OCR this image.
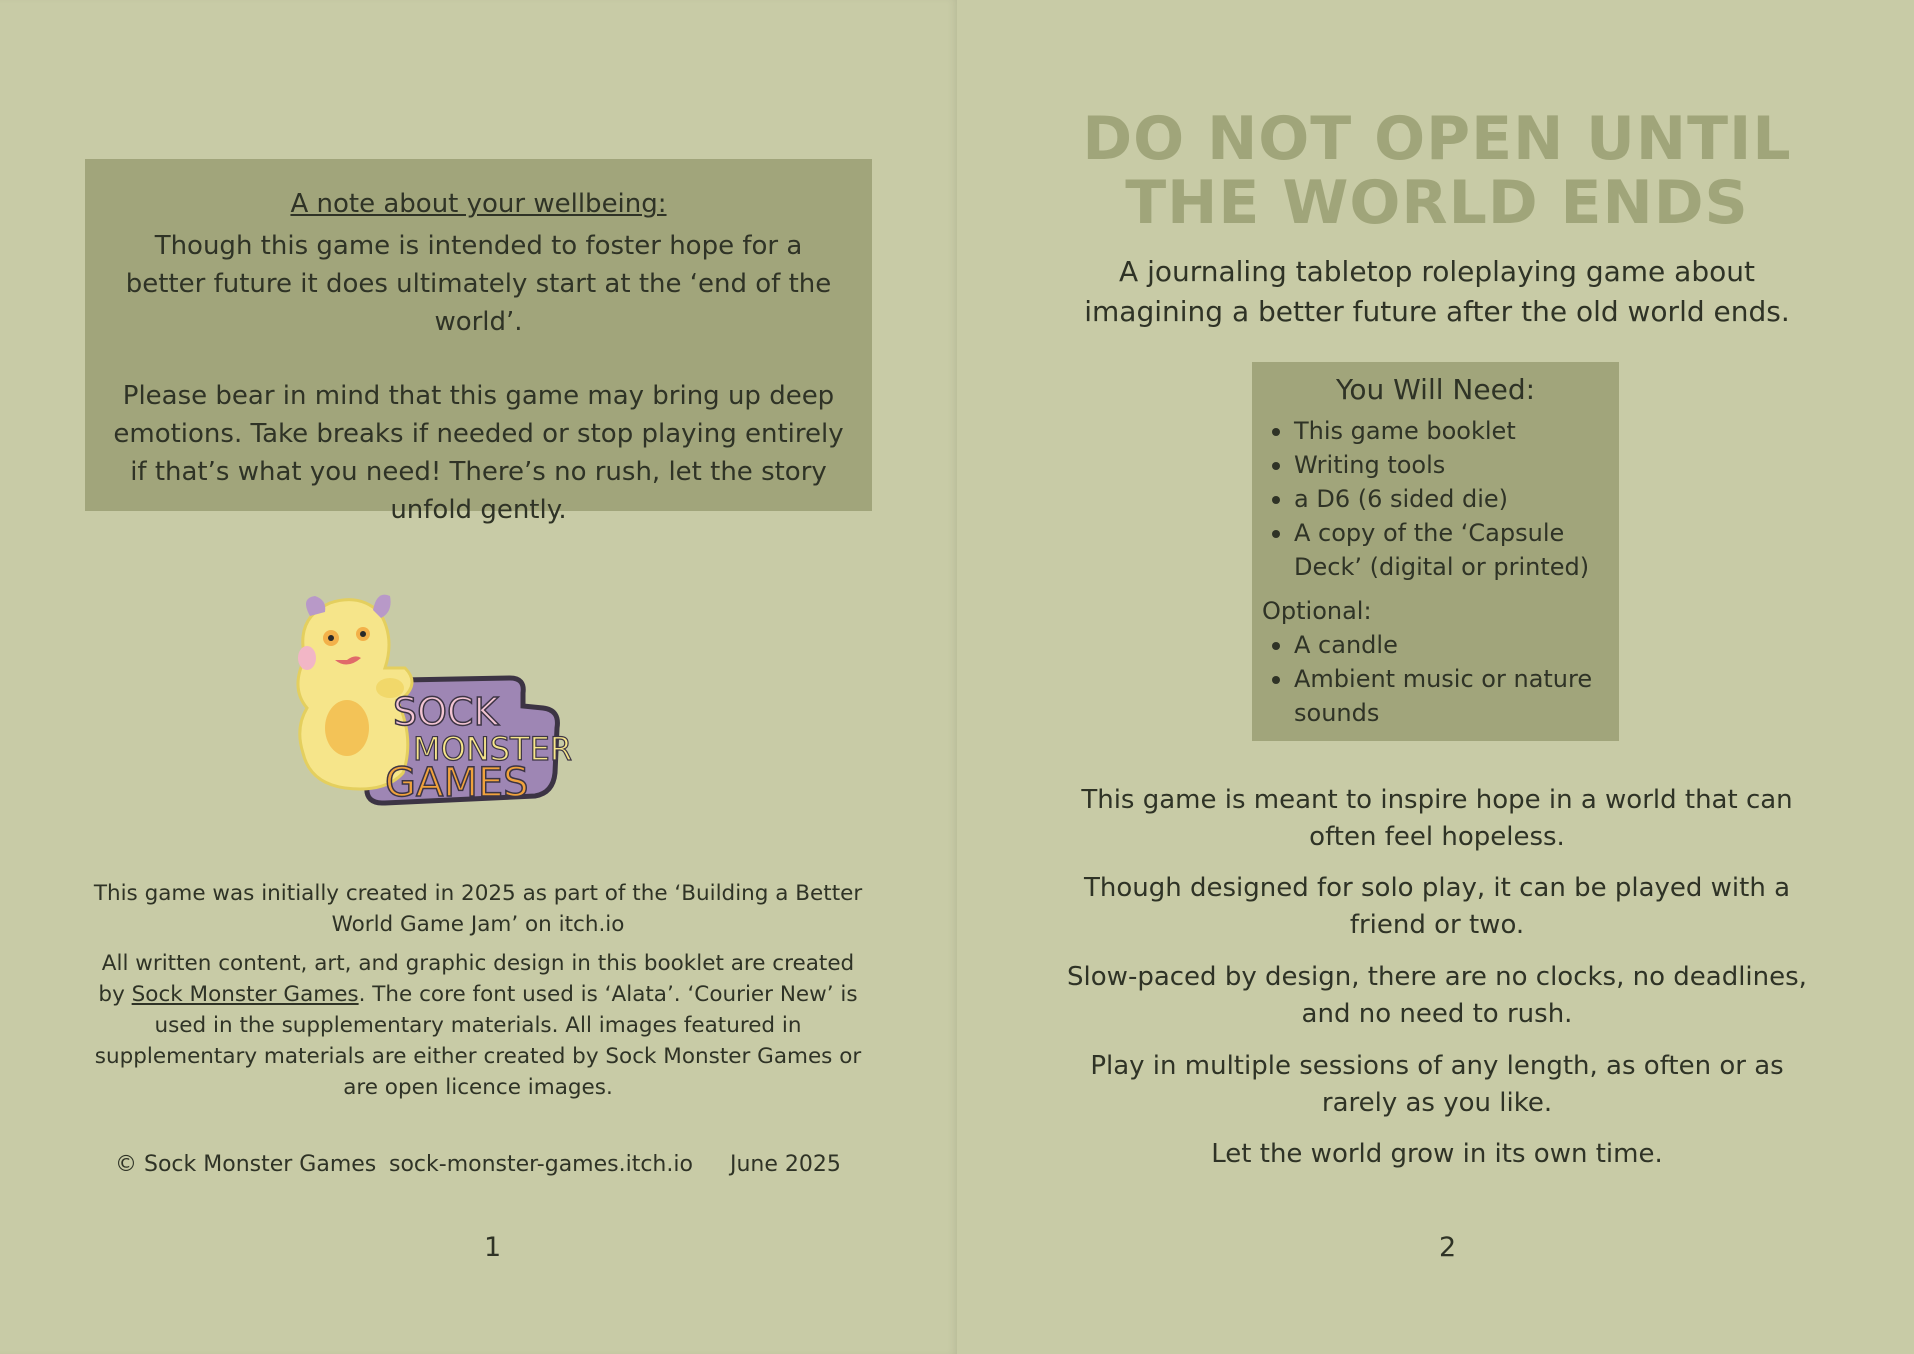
A note about your wellbeing:
Though this game is intended to foster hope for a better future it does ultimately start at the ‘end of the world’.
Please bear in mind that this game may bring up deep emotions. Take breaks if needed or stop playing entirely if that’s what you need! There’s no rush, let the story unfold gently.
SOCK
MONSTER
GAMES
This game was initially created in 2025 as part of the ‘Building a Better World Game Jam’ on itch.io
All written content, art, and graphic design in this booklet are created by Sock Monster Games. The core font used is ‘Alata’. ‘Courier New’ is used in the supplementary materials. All images featured in supplementary materials are either created by Sock Monster Games or are open licence images.
© Sock Monster Games sock-monster-games.itch.io June 2025
1
DO NOT OPEN UNTIL THE WORLD ENDS
A journaling tabletop roleplaying game about imagining a better future after the old world ends.
You Will Need:
This game booklet
Writing tools
a D6 (6 sided die)
A copy of the ‘Capsule Deck’ (digital or printed)
Optional:
A candle
Ambient music or nature sounds
This game is meant to inspire hope in a world that can often feel hopeless.
Though designed for solo play, it can be played with a friend or two.
Slow-paced by design, there are no clocks, no deadlines, and no need to rush.
Play in multiple sessions of any length, as often or as rarely as you like.
Let the world grow in its own time.
2
